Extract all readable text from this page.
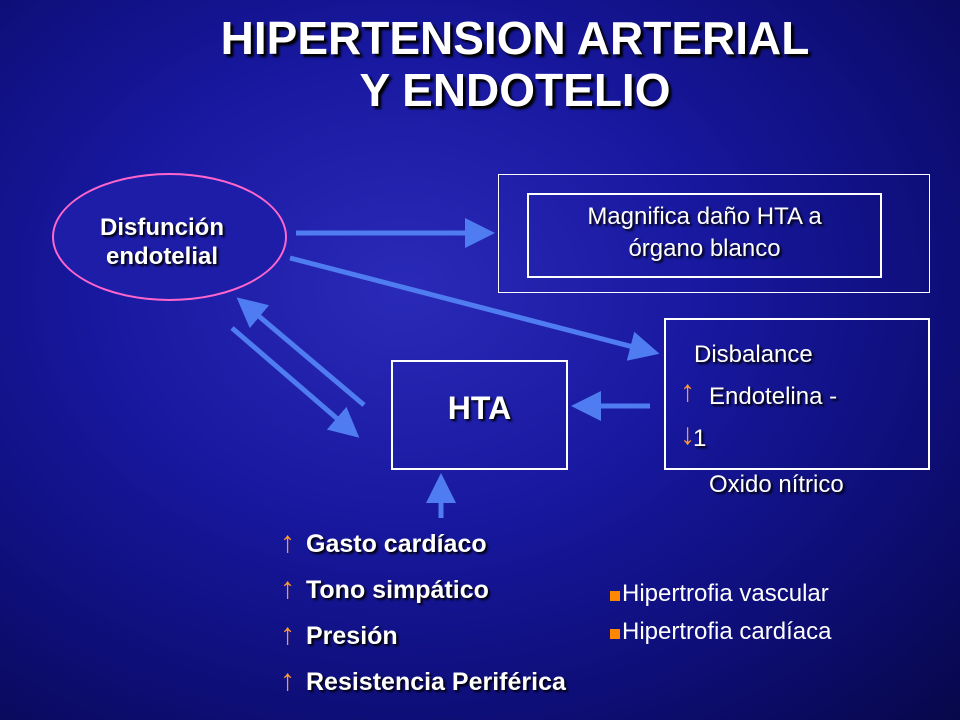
HIPERTENSION ARTERIAL
Y ENDOTELIO
Disfunción
endotelial
Magnifica daño HTA a
órgano blanco
HTA
Disbalance
↑ Endotelina -
↓
1
Oxido nítrico
↑ Gasto cardíaco
↑ Tono simpático
↑ Presión
↑ Resistencia Periférica
Hipertrofia vascular
Hipertrofia cardíaca
